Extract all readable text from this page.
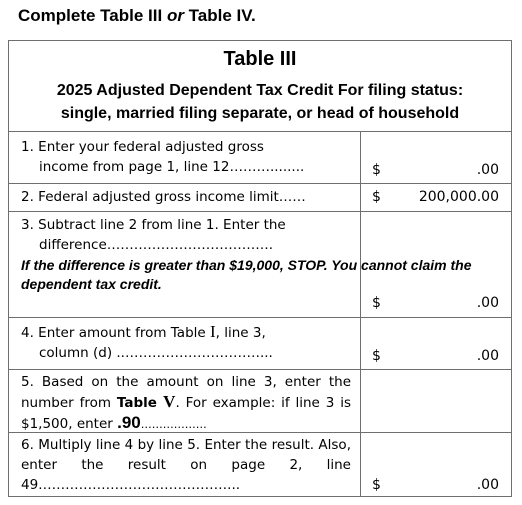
Complete Table III or Table IV.
Table III
2025 Adjusted Dependent Tax Credit For filing status:
single, married filing separate, or head of household
1. Enter your federal adjusted gross
income from page 1, line 12………........	$	.00
2. Federal adjusted gross income limit……	$	200,000.00
3. Subtract line 2 from line 1. Enter the
difference……………………………….
If the difference is greater than $19,000, STOP. You cannot claim the dependent tax credit.
$	.00
4. Enter amount from Table I, line 3,
column (d) ..…………………………...	$	.00
5. Based on the amount on line 3, enter the number from Table V. For example: if line 3 is $1,500, enter .90………………
6. Multiply line 4 by line 5. Enter the result. Also, enter the result on page 2, line 49……………………………………...	$	.00
